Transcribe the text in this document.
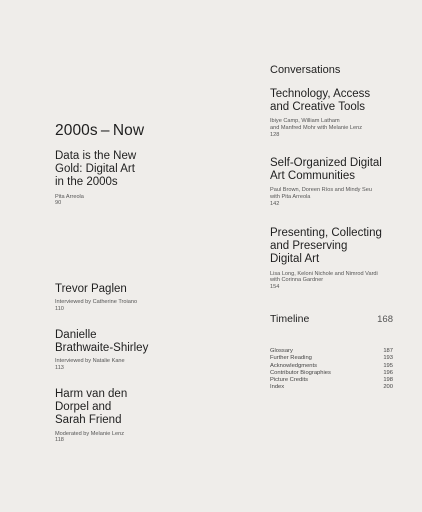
2000s – Now
Data is the New
Gold: Digital Art
in the 2000s
Pita Arreola
90
Trevor Paglen
Interviewed by Catherine Troiano
110
Danielle
Brathwaite-Shirley
Interviewed by Natalie Kane
113
Harm van den
Dorpel and
Sarah Friend
Moderated by Melanie Lenz
118
Conversations
Technology, Access
and Creative Tools
Ibiye Camp, William Latham
and Manfred Mohr with Melanie Lenz
128
Self-Organized Digital
Art Communities
Paul Brown, Doreen Ríos and Mindy Seu
with Pita Arreola
142
Presenting, Collecting
and Preserving
Digital Art
Lisa Long, Keloni Nichole and Nimrod Vardi
with Corinna Gardner
154
Timeline	168
Glossary	187
Further Reading	193
Acknowledgments	195
Contributor Biographies	196
Picture Credits	198
Index	200
